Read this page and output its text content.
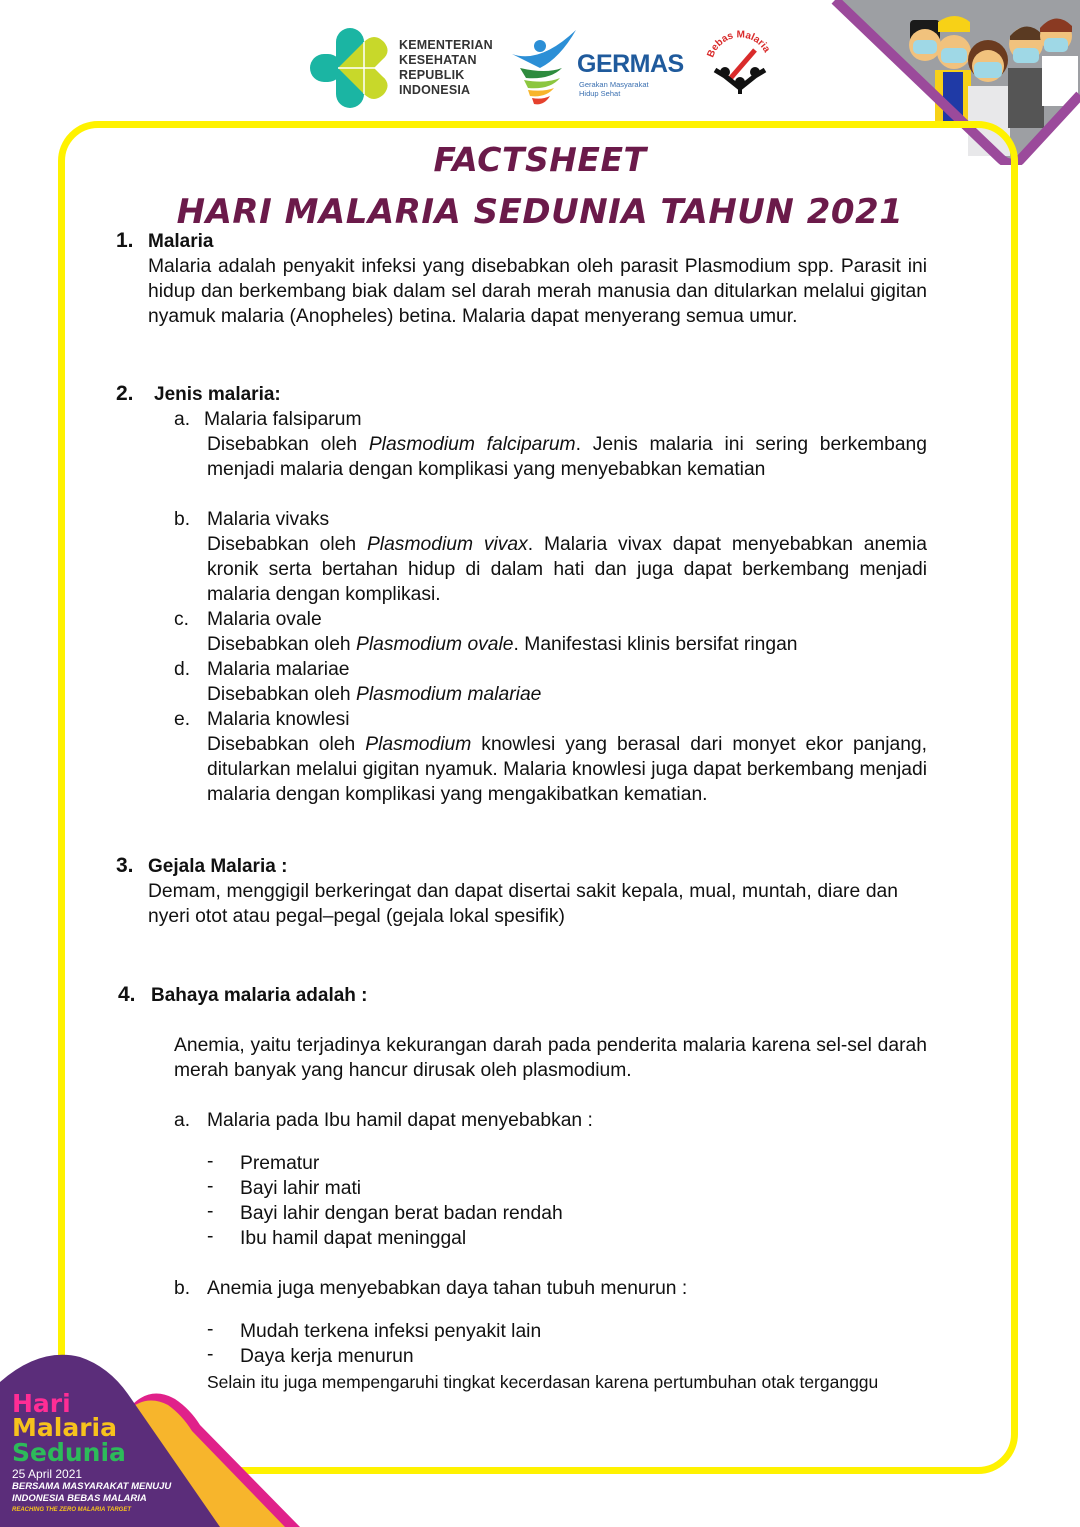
KEMENTERIAN
KESEHATAN
REPUBLIK
INDONESIA
GERMAS
Gerakan Masyarakat
Hidup Sehat
Bebas Malaria
FACTSHEET
HARI MALARIA SEDUNIA TAHUN 2021
1. Malaria
Malaria adalah penyakit infeksi yang disebabkan oleh parasit Plasmodium spp. Parasit ini hidup dan berkembang biak dalam sel darah merah manusia dan ditularkan melalui gigitan nyamuk malaria (Anopheles) betina. Malaria dapat menyerang semua umur.
2. Jenis malaria:
a. Malaria falsiparum
Disebabkan oleh Plasmodium falciparum. Jenis malaria ini sering berkembang menjadi malaria dengan komplikasi yang menyebabkan kematian
b. Malaria vivaks
Disebabkan oleh Plasmodium vivax. Malaria vivax dapat menyebabkan anemia kronik serta bertahan hidup di dalam hati dan juga dapat berkembang menjadi malaria dengan komplikasi.
c. Malaria ovale
Disebabkan oleh Plasmodium ovale. Manifestasi klinis bersifat ringan
d. Malaria malariae
Disebabkan oleh Plasmodium malariae
e. Malaria knowlesi
Disebabkan oleh Plasmodium knowlesi yang berasal dari monyet ekor panjang, ditularkan melalui gigitan nyamuk. Malaria knowlesi juga dapat berkembang menjadi malaria dengan komplikasi yang mengakibatkan kematian.
3. Gejala Malaria :
Demam, menggigil berkeringat dan dapat disertai sakit kepala, mual, muntah, diare dan nyeri otot atau pegal–pegal (gejala lokal spesifik)
4. Bahaya malaria adalah :
Anemia, yaitu terjadinya kekurangan darah pada penderita malaria karena sel-sel darah merah banyak yang hancur dirusak oleh plasmodium.
a. Malaria pada Ibu hamil dapat menyebabkan :
- Prematur
- Bayi lahir mati
- Bayi lahir dengan berat badan rendah
- Ibu hamil dapat meninggal
b. Anemia juga menyebabkan daya tahan tubuh menurun :
- Mudah terkena infeksi penyakit lain
- Daya kerja menurun
Selain itu juga mempengaruhi tingkat kecerdasan karena pertumbuhan otak terganggu
Hari
Malaria
Sedunia
25 April 2021
BERSAMA MASYARAKAT MENUJU
INDONESIA BEBAS MALARIA
REACHING THE ZERO MALARIA TARGET
